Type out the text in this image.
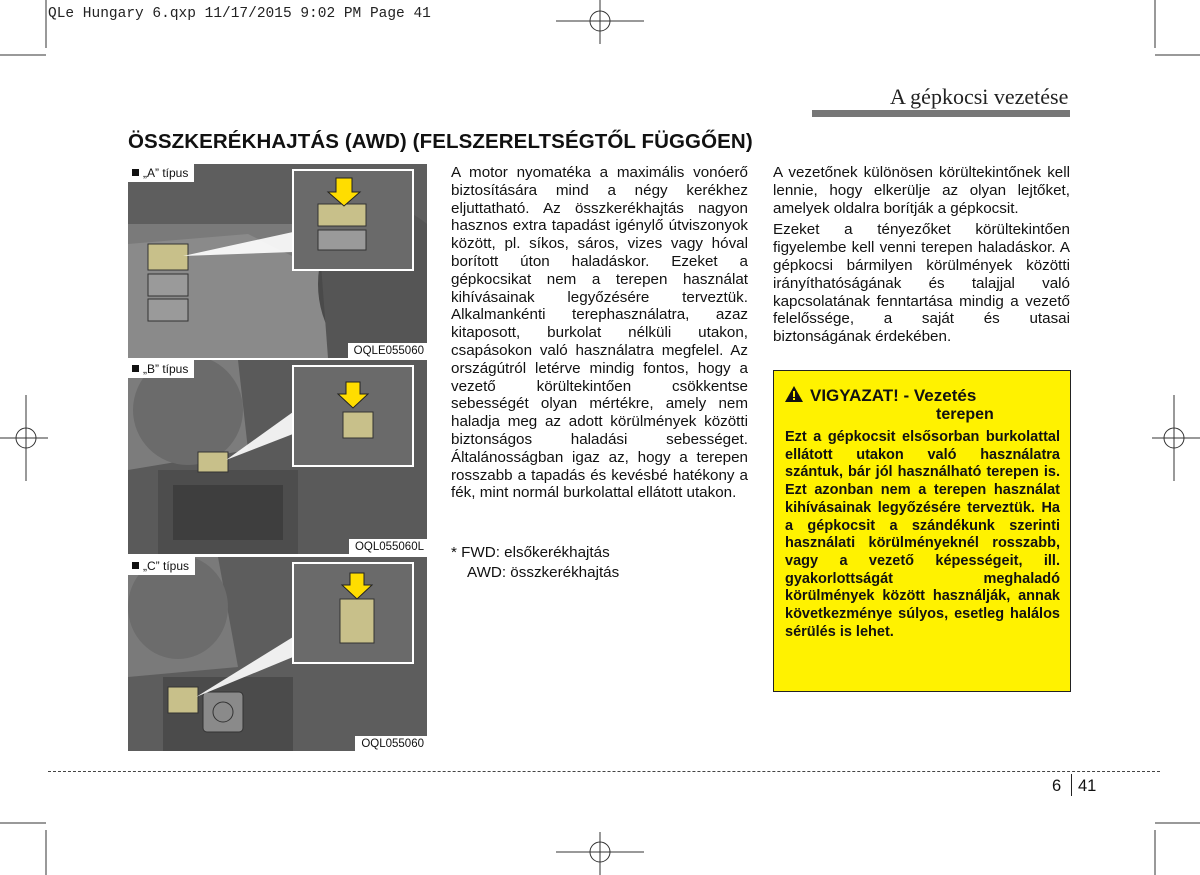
QLe Hungary 6.qxp 11/17/2015 9:02 PM Page 41
A gépkocsi vezetése
ÖSSZKERÉKHAJTÁS (AWD) (FELSZERELTSÉGTŐL FÜGGŐEN)
„A” típus
OQLE055060
„B” típus
OQL055060L
„C” típus
OQL055060

A motor nyomatéka a maximális vonóerő biztosítására mind a négy kerékhez eljuttatható. Az összkerékhajtás nagyon hasznos extra tapadást igénylő útviszonyok között, pl. síkos, sáros, vizes vagy hóval borított úton haladáskor. Ezeket a gépkocsikat nem a terepen használat kihívásainak legyőzésére terveztük. Alkalmankénti terephasználatra, azaz kitaposott, burkolat nélküli utakon, csapásokon való használatra megfelel. Az országútról letérve mindig fontos, hogy a vezető körültekintően csökkentse sebességét olyan mértékre, amely nem haladja meg az adott körülmények közötti biztonságos haladási sebességet. Általánosságban igaz az, hogy a terepen rosszabb a tapadás és kevésbé hatékony a fék, mint normál burkolattal ellátott utakon.

* FWD: elsőkerékhajtás
AWD: összkerékhajtás

A vezetőnek különösen körültekintőnek kell lennie, hogy elkerülje az olyan lejtőket, amelyek oldalra borítják a gépkocsit.

Ezeket a tényezőket körültekintően figyelembe kell venni terepen haladáskor. A gépkocsi bármilyen körülmények közötti irányíthatóságának és talajjal való kapcsolatának fenntartása mindig a vezető felelőssége, a saját és utasai biztonságának érdekében.

VIGYAZAT! - Vezetés
terepen
Ezt a gépkocsit elsősorban burkolattal ellátott utakon való használatra szántuk, bár jól használható terepen is. Ezt azonban nem a terepen használat kihívásainak legyőzésére terveztük. Ha a gépkocsit a szándékunk szerinti használati körülményeknél rosszabb, vagy a vezető képességeit, ill. gyakorlottságát meghaladó körülmények között használják, annak következménye súlyos, esetleg halálos sérülés is lehet.
6 41
